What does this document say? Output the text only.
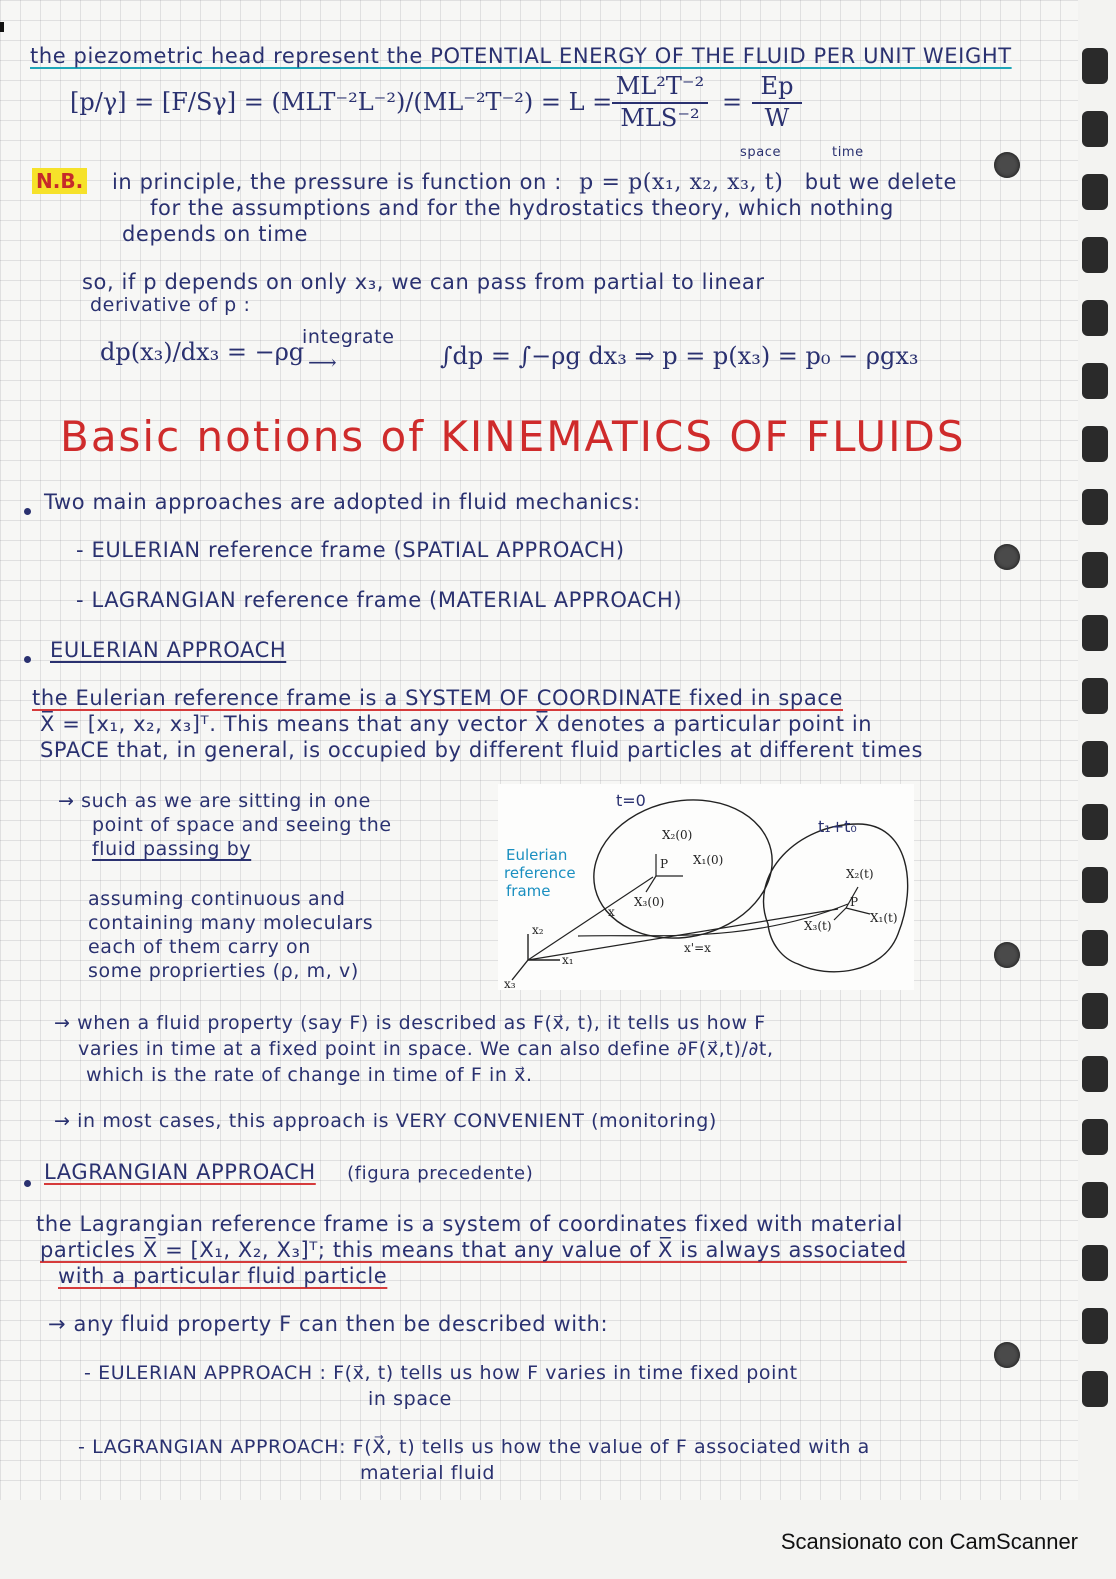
the piezometric head represent the POTENTIAL ENERGY OF THE FLUID PER UNIT WEIGHT
[p/γ] = [F/Sγ] = (MLT⁻²L⁻²)/(ML⁻²T⁻²) = L =
ML²T⁻²
MLS⁻²
=
Ep
W
N.B.
space	time
in principle, the pressure is function on : p = p(x₁, x₂, x₃, t) but we delete
for the assumptions and for the hydrostatics theory, which nothing
depends on time
so, if p depends on only x₃, we can pass from partial to linear
derivative of p :
dp(x₃)/dx₃ = −ρg
integrate
⟶	∫dp = ∫−ρg dx₃ ⇒ p = p(x₃) = p₀ − ρgx₃
Basic notions of KINEMATICS OF FLUIDS
Two main approaches are adopted in fluid mechanics:
- EULERIAN reference frame (SPATIAL APPROACH)
- LAGRANGIAN reference frame (MATERIAL APPROACH)
EULERIAN APPROACH
the Eulerian reference frame is a SYSTEM OF COORDINATE fixed in space
X̅ = [x₁, x₂, x₃]ᵀ. This means that any vector X̅ denotes a particular point in
SPACE that, in general, is occupied by different fluid particles at different times
→ such as we are sitting in one
point of space and seeing the
fluid passing by
assuming continuous and
containing many moleculars
each of them carry on
some proprierties (ρ, m, v)
t=0
t₁+t₀
Eulerian
reference
frame
X₂(0)
X₁(0)
P
X₃(0)
X₂(t)
X₁(t)
P
X₃(t)
x
x'=x
x₂
x₁
x₃
→ when a fluid property (say F) is described as F(x⃗, t), it tells us how F
varies in time at a fixed point in space. We can also define ∂F(x⃗,t)/∂t,
which is the rate of change in time of F in x⃗.
→ in most cases, this approach is VERY CONVENIENT (monitoring)
LAGRANGIAN APPROACH (figura precedente)
the Lagrangian reference frame is a system of coordinates fixed with material
particles X̅ = [X₁, X₂, X₃]ᵀ; this means that any value of X̅ is always associated
with a particular fluid particle
→ any fluid property F can then be described with:
- EULERIAN APPROACH : F(x⃗, t) tells us how F varies in time fixed point
in space
- LAGRANGIAN APPROACH: F(X⃗, t) tells us how the value of F associated with a
material fluid
Scansionato con CamScanner
